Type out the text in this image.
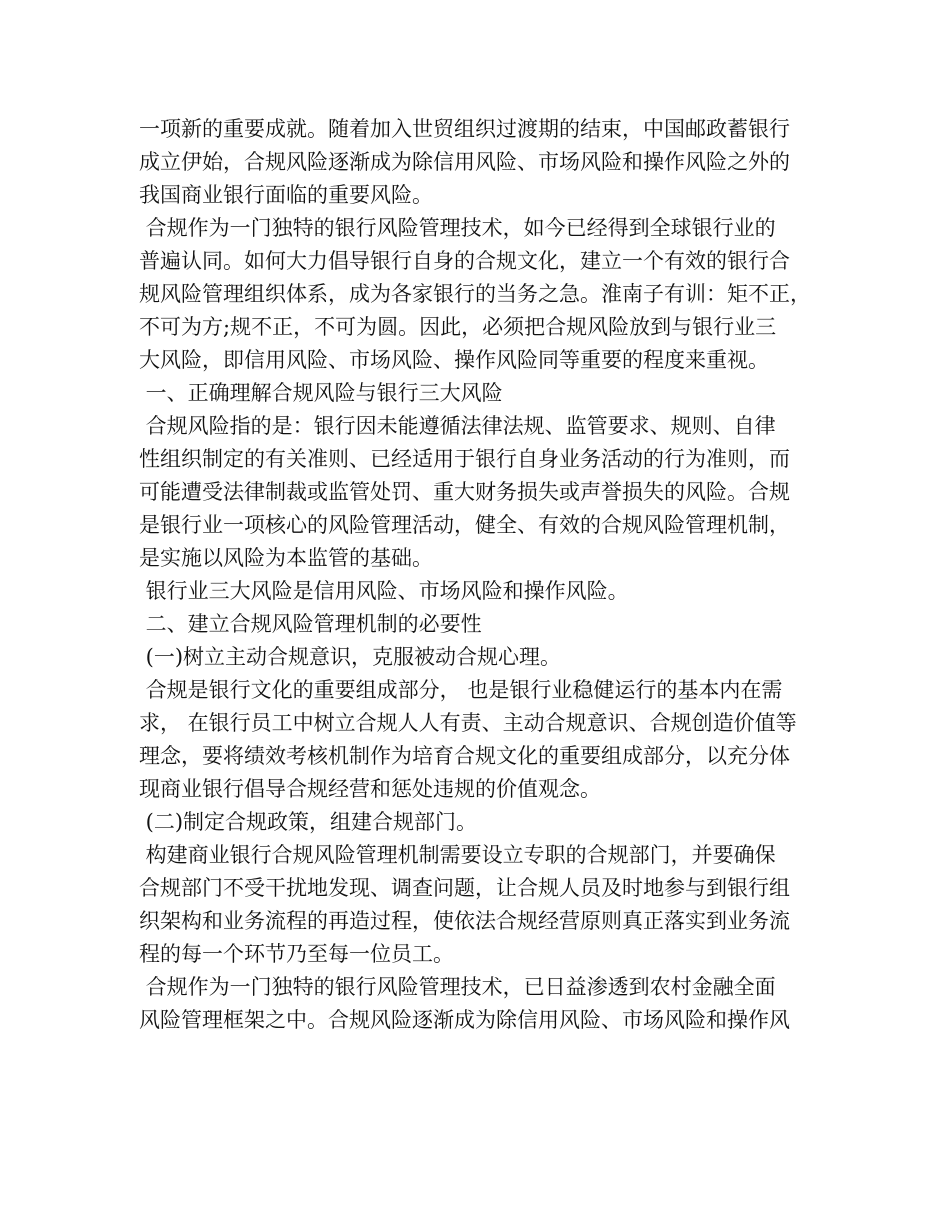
一项新的重要成就。随着加入世贸组织过渡期的结束，中国邮政蓄银行
成立伊始，合规风险逐渐成为除信用风险、市场风险和操作风险之外的
我国商业银行面临的重要风险。
合规作为一门独特的银行风险管理技术，如今已经得到全球银行业的
普遍认同。如何大力倡导银行自身的合规文化，建立一个有效的银行合
规风险管理组织体系，成为各家银行的当务之急。淮南子有训：矩不正，
不可为方;规不正，不可为圆。因此，必须把合规风险放到与银行业三
大风险，即信用风险、市场风险、操作风险同等重要的程度来重视。
一、正确理解合规风险与银行三大风险
合规风险指的是：银行因未能遵循法律法规、监管要求、规则、自律
性组织制定的有关准则、已经适用于银行自身业务活动的行为准则，而
可能遭受法律制裁或监管处罚、重大财务损失或声誉损失的风险。合规
是银行业一项核心的风险管理活动，健全、有效的合规风险管理机制，
是实施以风险为本监管的基础。
银行业三大风险是信用风险、市场风险和操作风险。
二、建立合规风险管理机制的必要性
(一)树立主动合规意识，克服被动合规心理。
合规是银行文化的重要组成部分， 也是银行业稳健运行的基本内在需
求， 在银行员工中树立合规人人有责、主动合规意识、合规创造价值等
理念，要将绩效考核机制作为培育合规文化的重要组成部分，以充分体
现商业银行倡导合规经营和惩处违规的价值观念。
(二)制定合规政策，组建合规部门。
构建商业银行合规风险管理机制需要设立专职的合规部门，并要确保
合规部门不受干扰地发现、调查问题，让合规人员及时地参与到银行组
织架构和业务流程的再造过程，使依法合规经营原则真正落实到业务流
程的每一个环节乃至每一位员工。
合规作为一门独特的银行风险管理技术，已日益渗透到农村金融全面
风险管理框架之中。合规风险逐渐成为除信用风险、市场风险和操作风
